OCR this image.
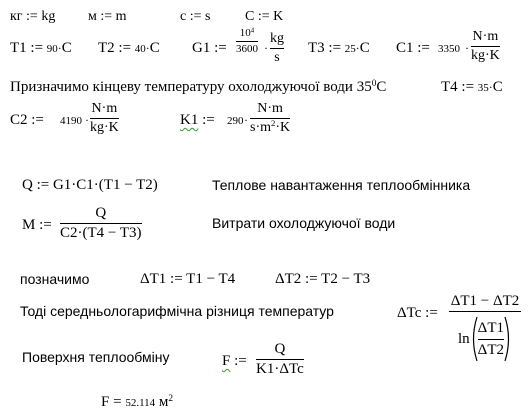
кг := kg м := m	c := s C := K
T1 := 90·C T2 := 40·C G1 :=
$10^4$
3600 ·
kg
s
T3 := 25·C C1 := 3350 ·
N·m
kg·K
Призначимо кінцеву температуру охолоджуючої води $35^0C$	T4 := 35·C
C2 := 4190 ·
N·m
kg·K	K1 := 290 ·
N·m
$s\cdot m^2\cdot K$
Q := G1·C1·(T1 − T2)	Теплове навантаження теплообмінника
M :=
Q
C2·(T4 − T3)
Витрати охолоджуючої води
позначимо	ΔT1 := T1 − T4	ΔT2 := T2 − T3
Тоді середньологарифмічна різниця температур	ΔTc :=
ΔT1 − ΔT2
ln
ΔT1
ΔT2
Поверхня теплообміну	F :=
Q
K1·ΔTc
F = 52.114 $м^2$
